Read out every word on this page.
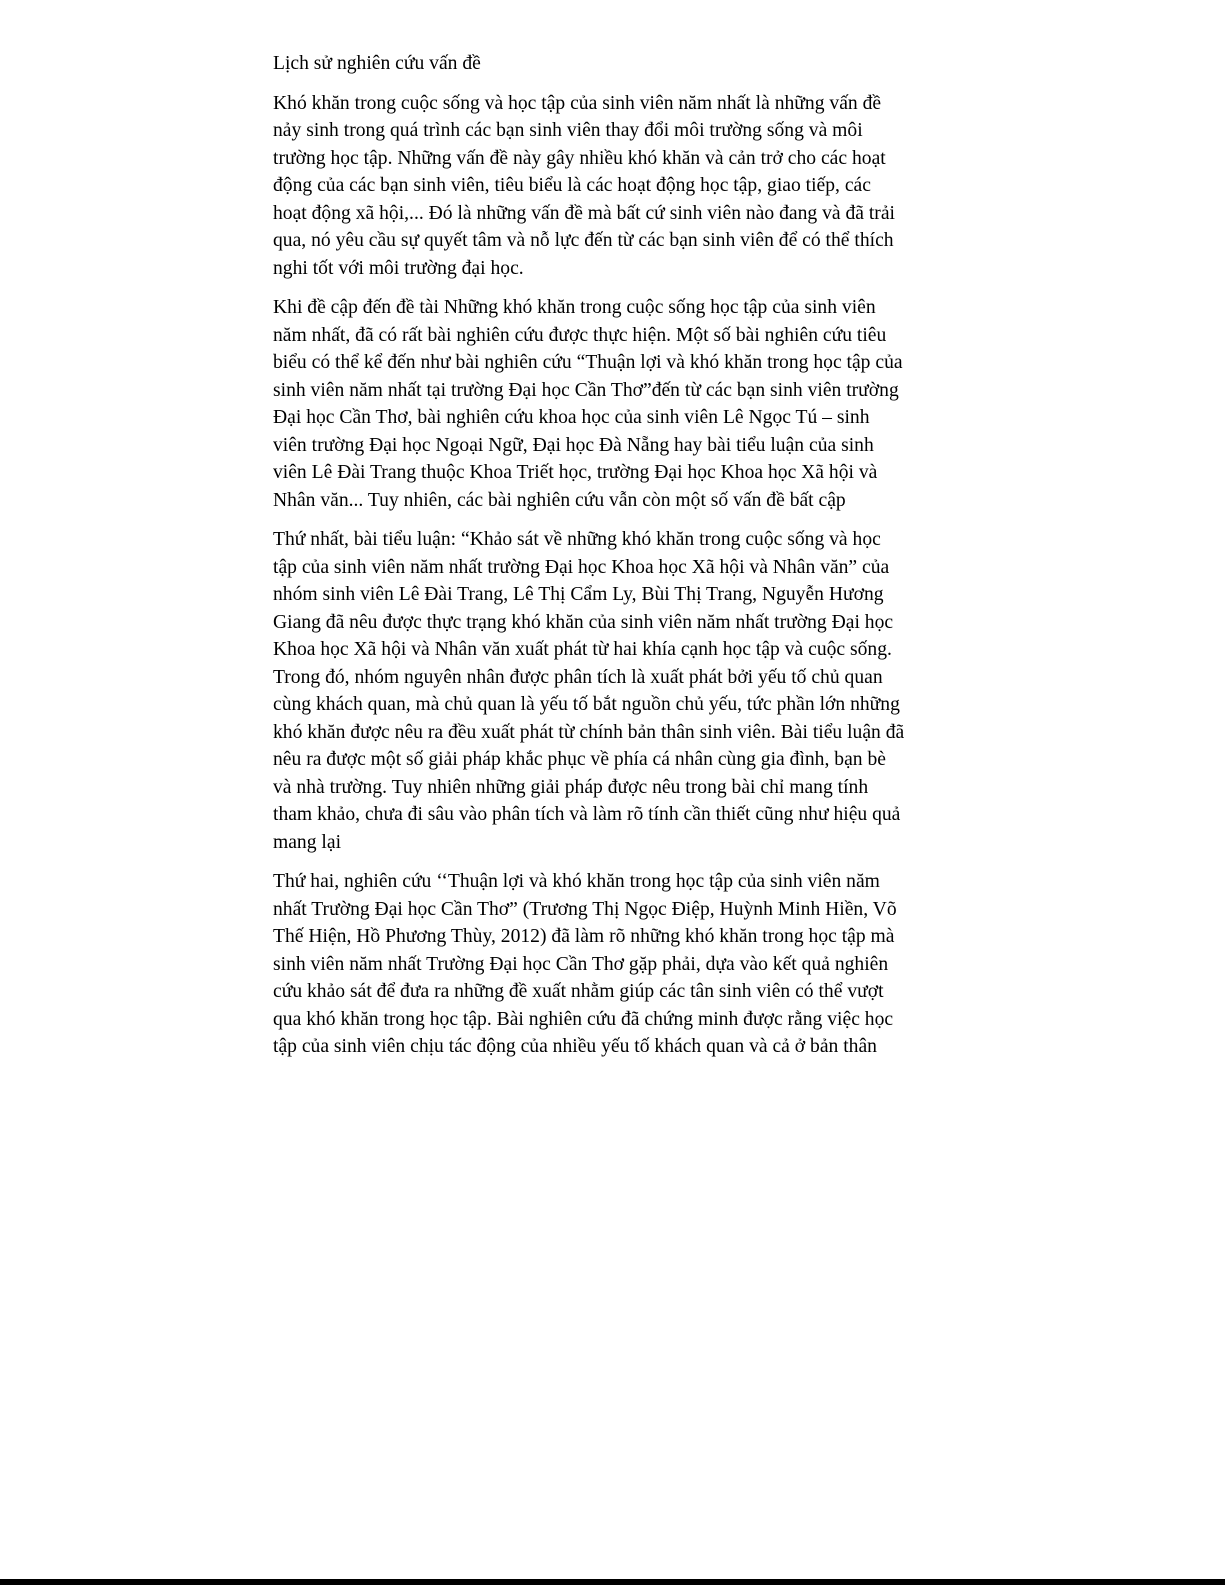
Lịch sử nghiên cứu vấn đề

Khó khăn trong cuộc sống và học tập của sinh viên năm nhất là những vấn đề
nảy sinh trong quá trình các bạn sinh viên thay đổi môi trường sống và môi
trường học tập. Những vấn đề này gây nhiều khó khăn và cản trở cho các hoạt
động của các bạn sinh viên, tiêu biểu là các hoạt động học tập, giao tiếp, các
hoạt động xã hội,... Đó là những vấn đề mà bất cứ sinh viên nào đang và đã trải
qua, nó yêu cầu sự quyết tâm và nỗ lực đến từ các bạn sinh viên để có thể thích
nghi tốt với môi trường đại học.

Khi đề cập đến đề tài Những khó khăn trong cuộc sống học tập của sinh viên
năm nhất, đã có rất bài nghiên cứu được thực hiện. Một số bài nghiên cứu tiêu
biểu có thể kể đến như bài nghiên cứu “Thuận lợi và khó khăn trong học tập của
sinh viên năm nhất tại trường Đại học Cần Thơ”đến từ các bạn sinh viên trường
Đại học Cần Thơ, bài nghiên cứu khoa học của sinh viên Lê Ngọc Tú – sinh
viên trường Đại học Ngoại Ngữ, Đại học Đà Nẵng hay bài tiểu luận của sinh
viên Lê Đài Trang thuộc Khoa Triết học, trường Đại học Khoa học Xã hội và
Nhân văn... Tuy nhiên, các bài nghiên cứu vẫn còn một số vấn đề bất cập

Thứ nhất, bài tiểu luận: “Khảo sát về những khó khăn trong cuộc sống và học
tập của sinh viên năm nhất trường Đại học Khoa học Xã hội và Nhân văn” của
nhóm sinh viên Lê Đài Trang, Lê Thị Cẩm Ly, Bùi Thị Trang, Nguyễn Hương
Giang đã nêu được thực trạng khó khăn của sinh viên năm nhất trường Đại học
Khoa học Xã hội và Nhân văn xuất phát từ hai khía cạnh học tập và cuộc sống.
Trong đó, nhóm nguyên nhân được phân tích là xuất phát bởi yếu tố chủ quan
cùng khách quan, mà chủ quan là yếu tố bắt nguồn chủ yếu, tức phần lớn những
khó khăn được nêu ra đều xuất phát từ chính bản thân sinh viên. Bài tiểu luận đã
nêu ra được một số giải pháp khắc phục về phía cá nhân cùng gia đình, bạn bè
và nhà trường. Tuy nhiên những giải pháp được nêu trong bài chỉ mang tính
tham khảo, chưa đi sâu vào phân tích và làm rõ tính cần thiết cũng như hiệu quả
mang lại

Thứ hai, nghiên cứu ‘‘Thuận lợi và khó khăn trong học tập của sinh viên năm
nhất Trường Đại học Cần Thơ” (Trương Thị Ngọc Điệp, Huỳnh Minh Hiền, Võ
Thế Hiện, Hồ Phương Thùy, 2012) đã làm rõ những khó khăn trong học tập mà
sinh viên năm nhất Trường Đại học Cần Thơ gặp phải, dựa vào kết quả nghiên
cứu khảo sát để đưa ra những đề xuất nhằm giúp các tân sinh viên có thể vượt
qua khó khăn trong học tập. Bài nghiên cứu đã chứng minh được rằng việc học
tập của sinh viên chịu tác động của nhiều yếu tố khách quan và cả ở bản thân
